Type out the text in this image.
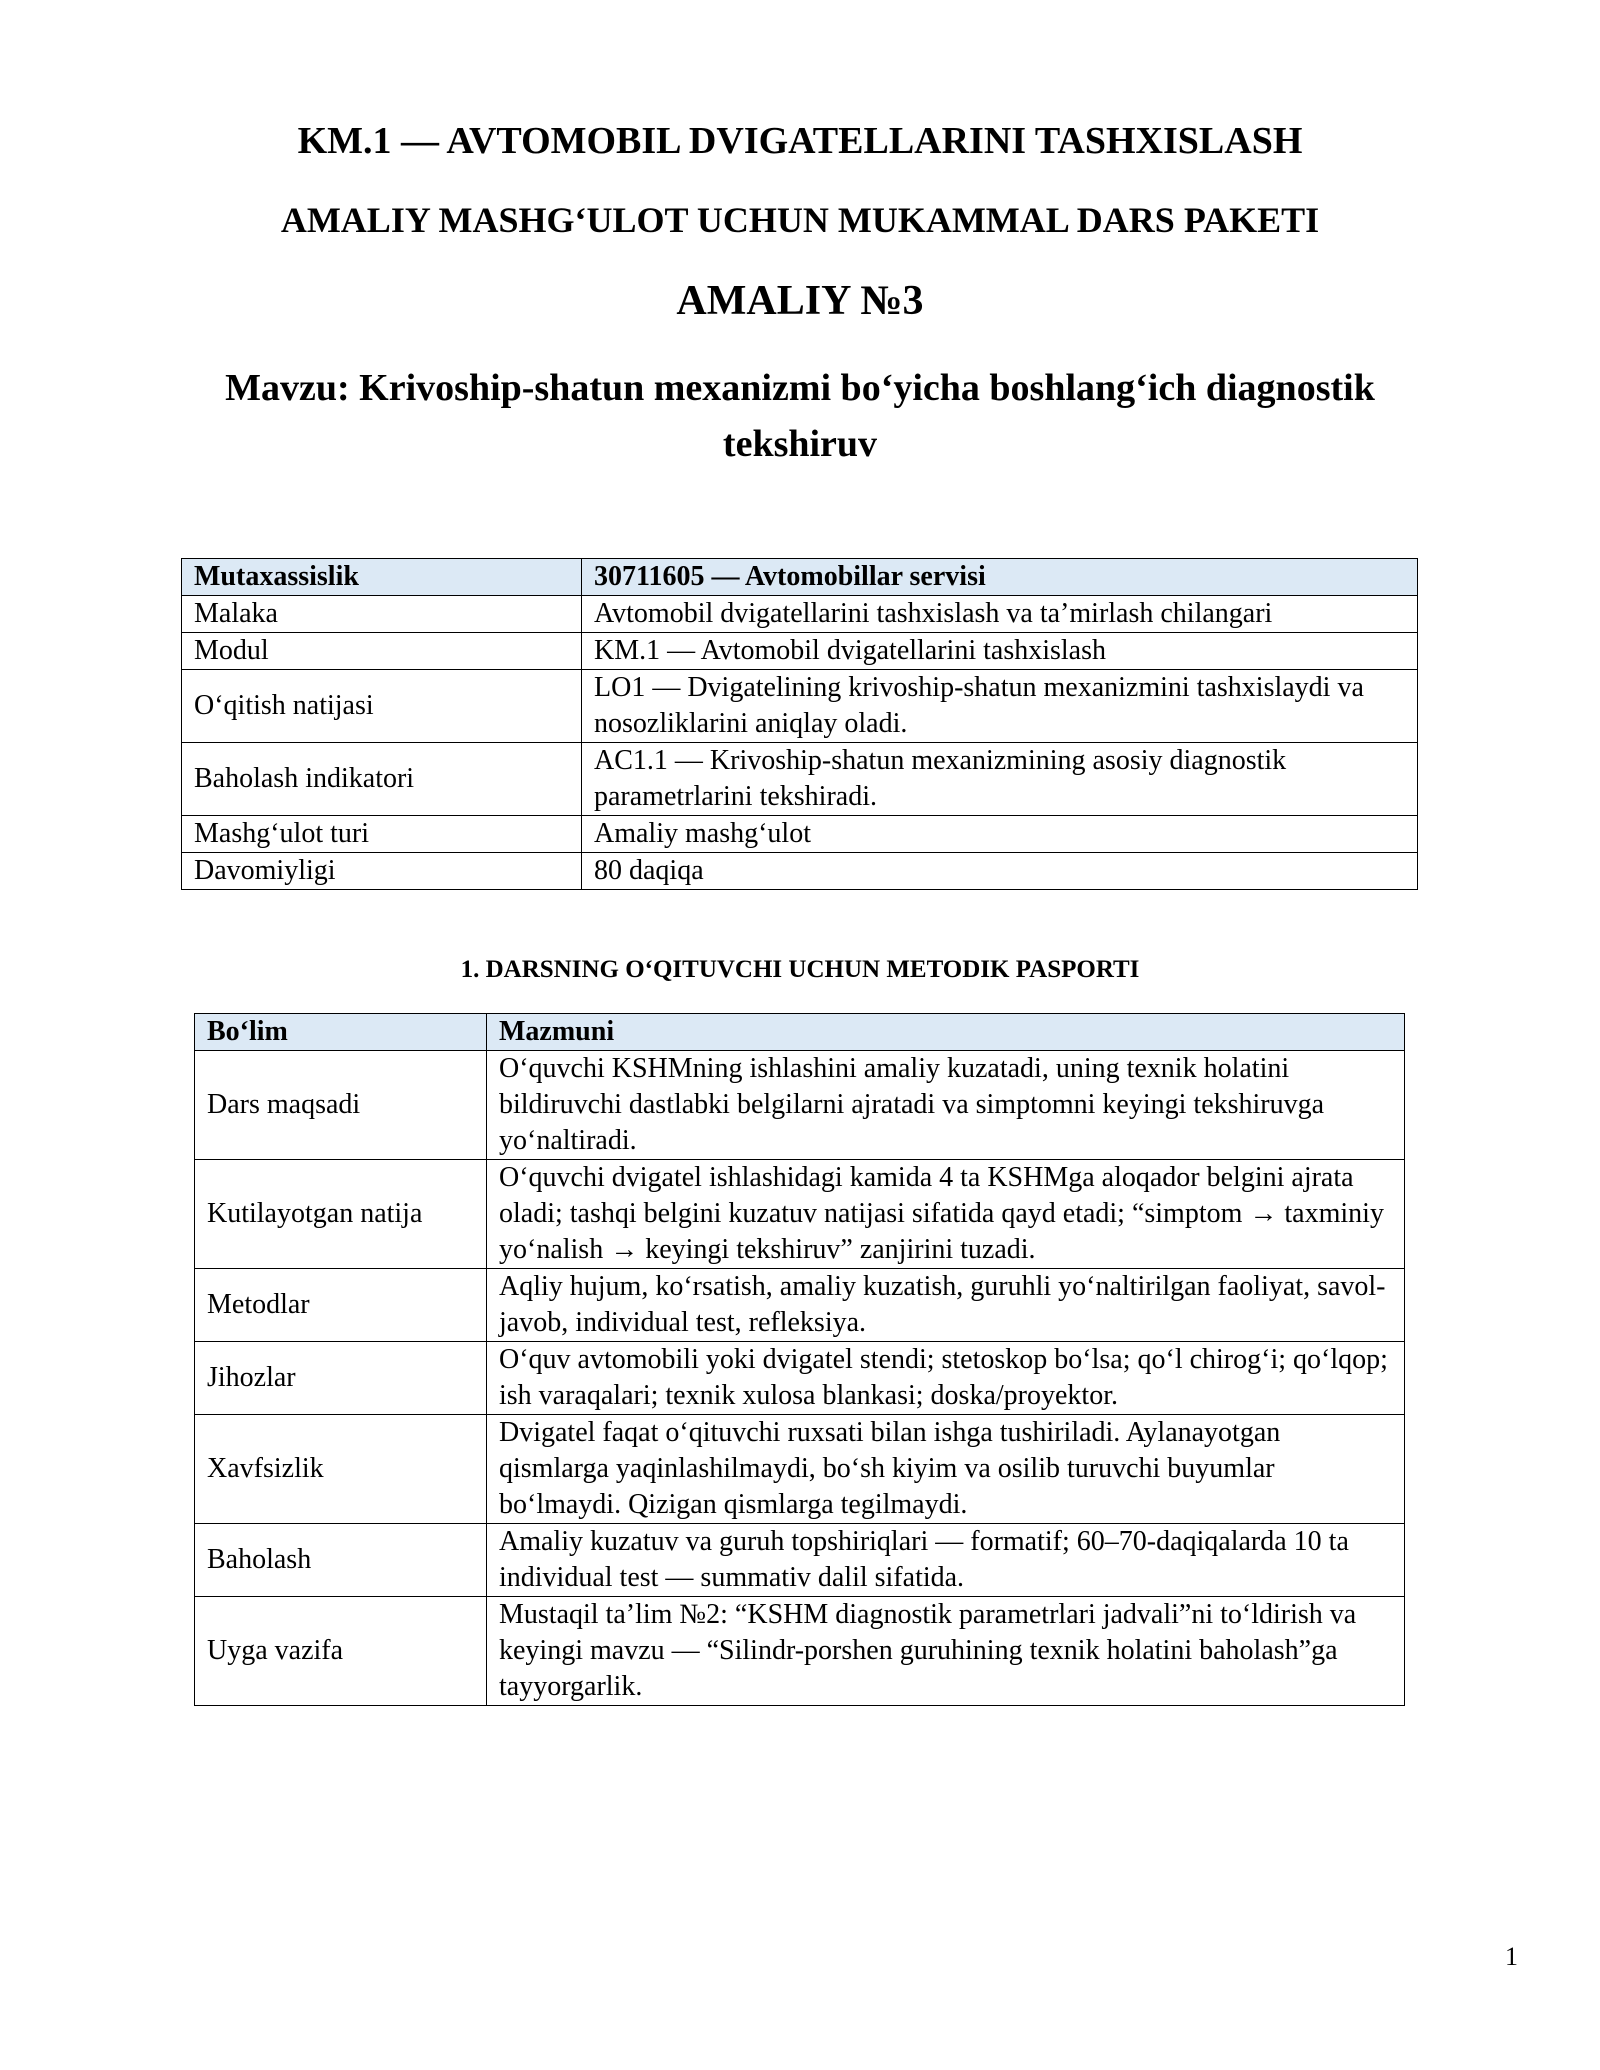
KM.1 — AVTOMOBIL DVIGATELLARINI TASHXISLASH
AMALIY MASHG‘ULOT UCHUN MUKAMMAL DARS PAKETI
AMALIY №3
Mavzu: Krivoship-shatun mexanizmi bo‘yicha boshlang‘ich diagnostik tekshiruv
Mutaxassislik	30711605 — Avtomobillar servisi
Malaka	Avtomobil dvigatellarini tashxislash va ta’mirlash chilangari
Modul	KM.1 — Avtomobil dvigatellarini tashxislash
O‘qitish natijasi	LO1 — Dvigatelining krivoship-shatun mexanizmini tashxislaydi va nosozliklarini aniqlay oladi.
Baholash indikatori	AC1.1 — Krivoship-shatun mexanizmining asosiy diagnostik parametrlarini tekshiradi.
Mashg‘ulot turi	Amaliy mashg‘ulot
Davomiyligi	80 daqiqa
1. DARSNING O‘QITUVCHI UCHUN METODIK PASPORTI
Bo‘lim	Mazmuni
Dars maqsadi	O‘quvchi KSHMning ishlashini amaliy kuzatadi, uning texnik holatini bildiruvchi dastlabki belgilarni ajratadi va simptomni keyingi tekshiruvga yo‘naltiradi.
Kutilayotgan natija	O‘quvchi dvigatel ishlashidagi kamida 4 ta KSHMga aloqador belgini ajrata oladi; tashqi belgini kuzatuv natijasi sifatida qayd etadi; “simptom → taxminiy yo‘nalish → keyingi tekshiruv” zanjirini tuzadi.
Metodlar	Aqliy hujum, ko‘rsatish, amaliy kuzatish, guruhli yo‘naltirilgan faoliyat, savol-javob, individual test, refleksiya.
Jihozlar	O‘quv avtomobili yoki dvigatel stendi; stetoskop bo‘lsa; qo‘l chirog‘i; qo‘lqop; ish varaqalari; texnik xulosa blankasi; doska/proyektor.
Xavfsizlik	Dvigatel faqat o‘qituvchi ruxsati bilan ishga tushiriladi. Aylanayotgan qismlarga yaqinlashilmaydi, bo‘sh kiyim va osilib turuvchi buyumlar bo‘lmaydi. Qizigan qismlarga tegilmaydi.
Baholash	Amaliy kuzatuv va guruh topshiriqlari — formatif; 60–70-daqiqalarda 10 ta individual test — summativ dalil sifatida.
Uyga vazifa	Mustaqil ta’lim №2: “KSHM diagnostik parametrlari jadvali”ni to‘ldirish va keyingi mavzu — “Silindr-porshen guruhining texnik holatini baholash”ga tayyorgarlik.
1
